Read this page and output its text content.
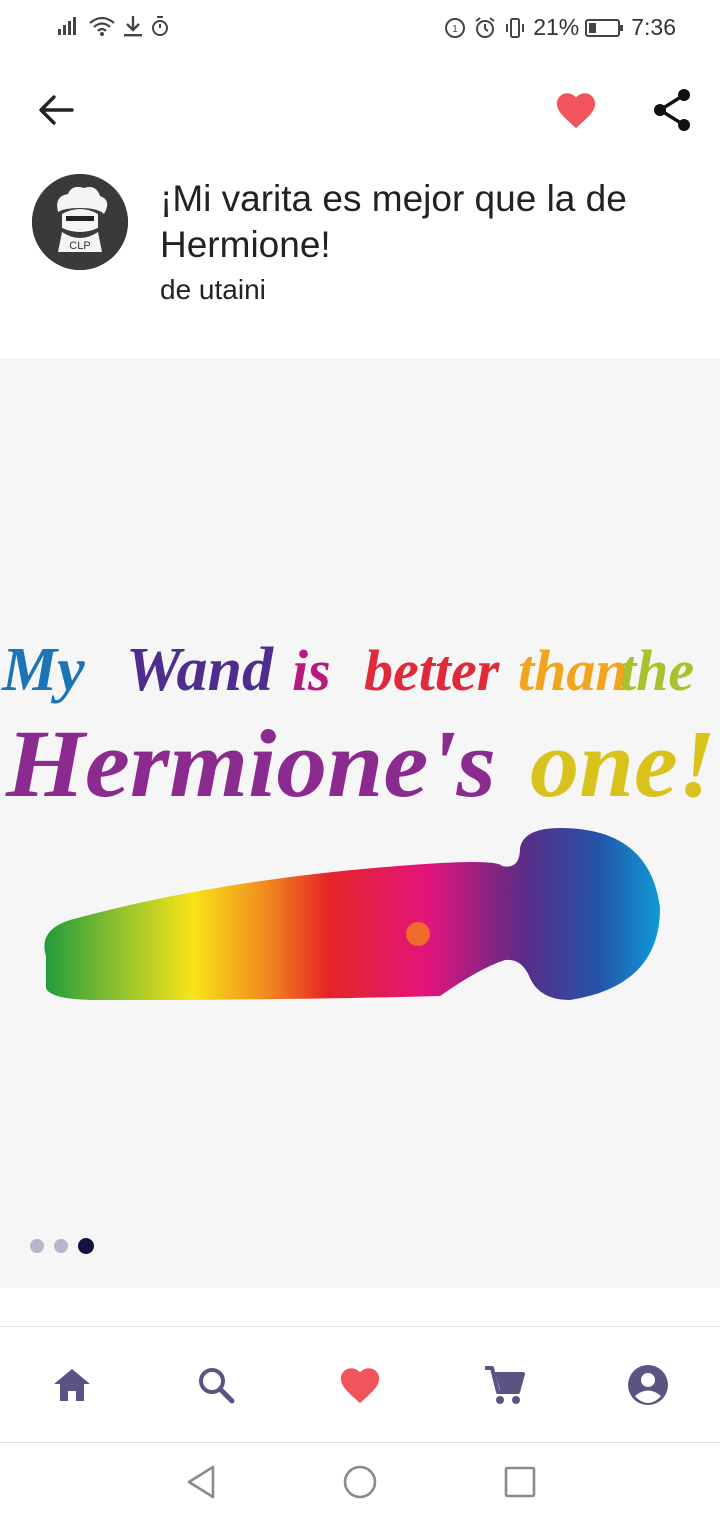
1	21% 7:36
CLP
¡Mi varita es mejor que la de Hermione!
de utaini
My Wand is better than
the
Hermione's one!
